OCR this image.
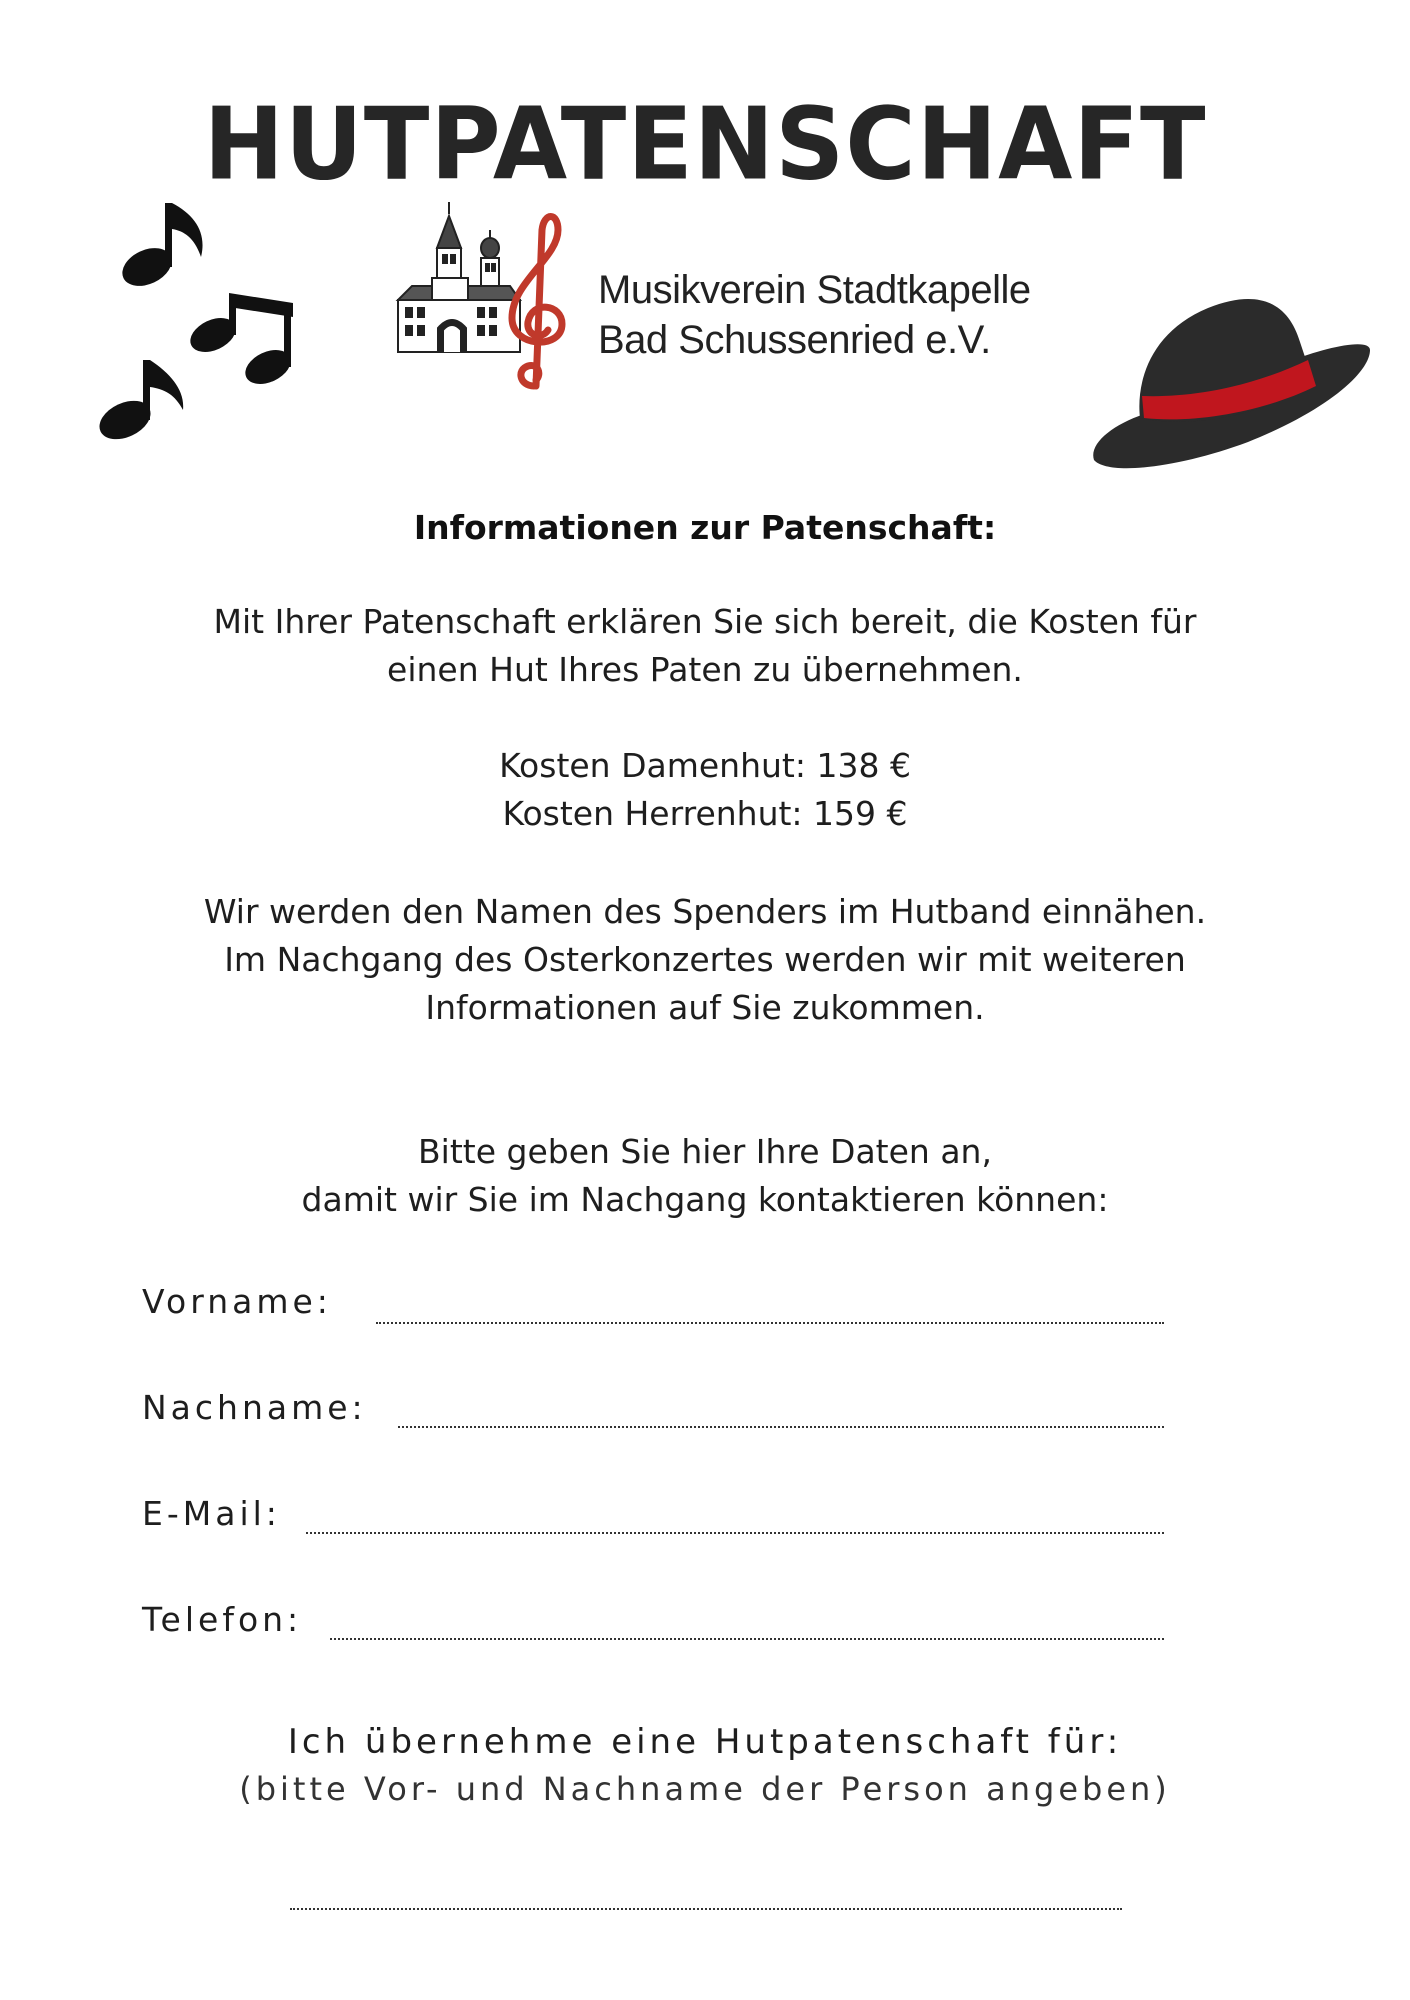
HUTPATENSCHAFT
Musikverein Stadtkapelle
Bad Schussenried e.V.
Informationen zur Patenschaft:
Mit Ihrer Patenschaft erklären Sie sich bereit, die Kosten für
einen Hut Ihres Paten zu übernehmen.
Kosten Damenhut: 138 €
Kosten Herrenhut: 159 €
Wir werden den Namen des Spenders im Hutband einnähen.
Im Nachgang des Osterkonzertes werden wir mit weiteren
Informationen auf Sie zukommen.
Bitte geben Sie hier Ihre Daten an,
damit wir Sie im Nachgang kontaktieren können:
Vorname:
Nachname:
E-Mail:
Telefon:
Ich übernehme eine Hutpatenschaft für:
(bitte Vor- und Nachname der Person angeben)
